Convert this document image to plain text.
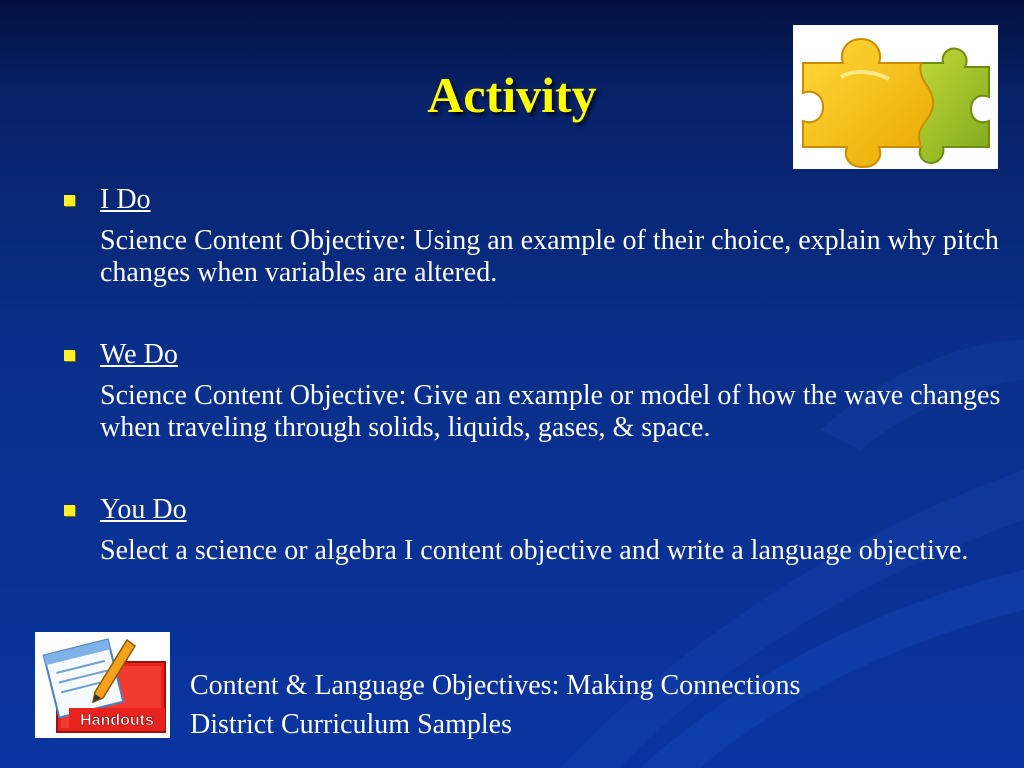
Activity
I Do
Science Content Objective: Using an example of their choice, explain why pitch changes when variables are altered.
We Do
Science Content Objective: Give an example or model of how the wave changes when traveling through solids, liquids, gases, & space.
You Do
Select a science or algebra I content objective and write a language objective.
Handouts
Content & Language Objectives: Making Connections
District Curriculum Samples
